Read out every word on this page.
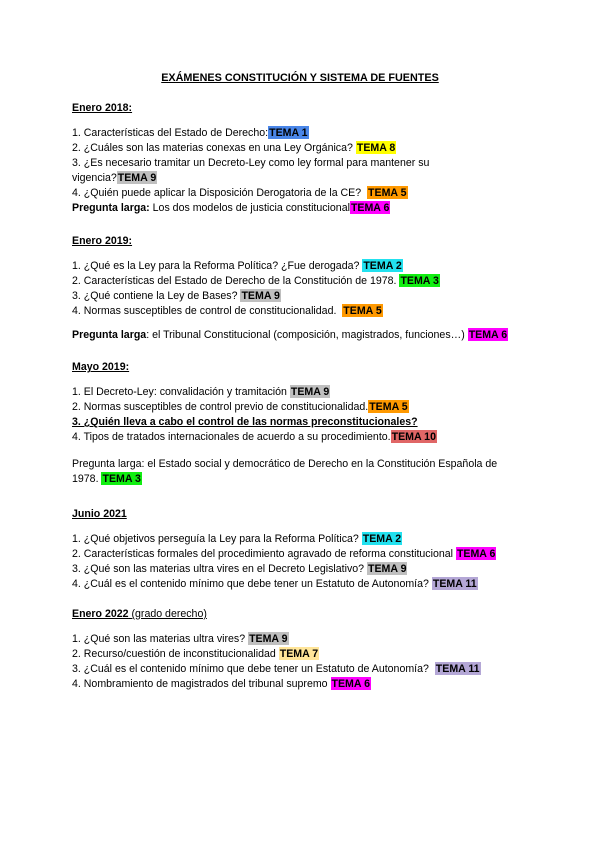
EXÁMENES CONSTITUCIÓN Y SISTEMA DE FUENTES
Enero 2018:
1. Características del Estado de Derecho:TEMA 1
2. ¿Cuáles son las materias conexas en una Ley Orgánica? TEMA 8
3. ¿Es necesario tramitar un Decreto-Ley como ley formal para mantener su
vigencia?TEMA 9
4. ¿Quién puede aplicar la Disposición Derogatoria de la CE? TEMA 5
Pregunta larga: Los dos modelos de justicia constitucionalTEMA 6
Enero 2019:
1. ¿Qué es la Ley para la Reforma Política? ¿Fue derogada? TEMA 2
2. Características del Estado de Derecho de la Constitución de 1978. TEMA 3
3. ¿Qué contiene la Ley de Bases? TEMA 9
4. Normas susceptibles de control de constitucionalidad. TEMA 5
Pregunta larga: el Tribunal Constitucional (composición, magistrados, funciones…) TEMA 6
Mayo 2019:
1. El Decreto-Ley: convalidación y tramitación TEMA 9
2. Normas susceptibles de control previo de constitucionalidad.TEMA 5
3. ¿Quién lleva a cabo el control de las normas preconstitucionales?
4. Tipos de tratados internacionales de acuerdo a su procedimiento.TEMA 10
Pregunta larga: el Estado social y democrático de Derecho en la Constitución Española de
1978. TEMA 3
Junio 2021
1. ¿Qué objetivos perseguía la Ley para la Reforma Política? TEMA 2
2. Características formales del procedimiento agravado de reforma constitucional TEMA 6
3. ¿Qué son las materias ultra vires en el Decreto Legislativo? TEMA 9
4. ¿Cuál es el contenido mínimo que debe tener un Estatuto de Autonomía? TEMA 11
Enero 2022 (grado derecho)
1. ¿Qué son las materias ultra vires? TEMA 9
2. Recurso/cuestión de inconstitucionalidad TEMA 7
3. ¿Cuál es el contenido mínimo que debe tener un Estatuto de Autonomía? TEMA 11
4. Nombramiento de magistrados del tribunal supremo TEMA 6
